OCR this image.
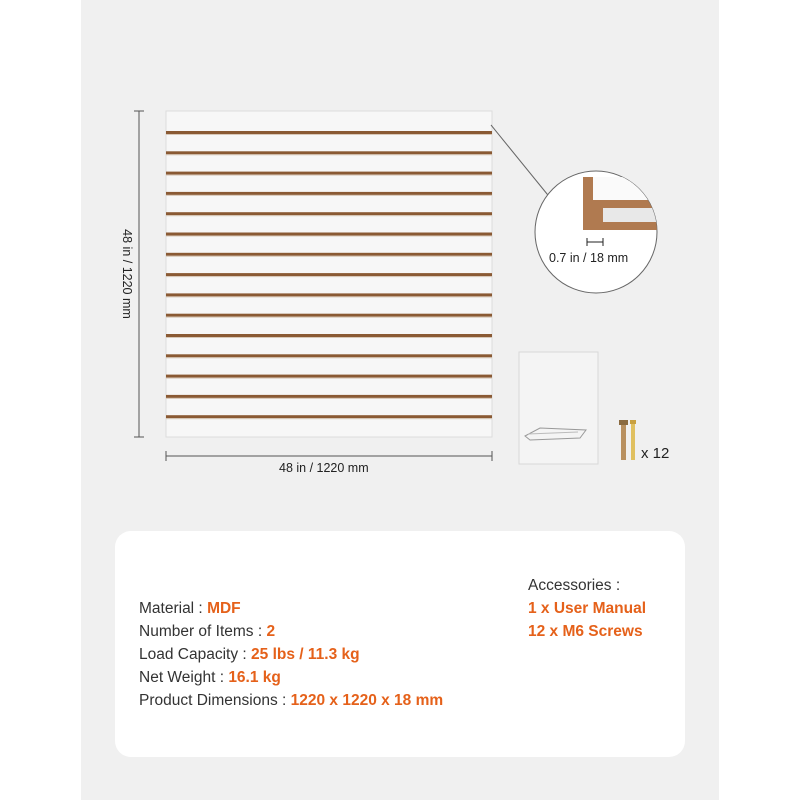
48 in / 1220 mm
48 in / 1220 mm
0.7 in / 18 mm
x 12
Material : MDF
Number of Items : 2
Load Capacity : 25 lbs / 11.3 kg
Net Weight : 16.1 kg
Product Dimensions : 1220 x 1220 x 18 mm
Accessories :
1 x User Manual
12 x M6 Screws
